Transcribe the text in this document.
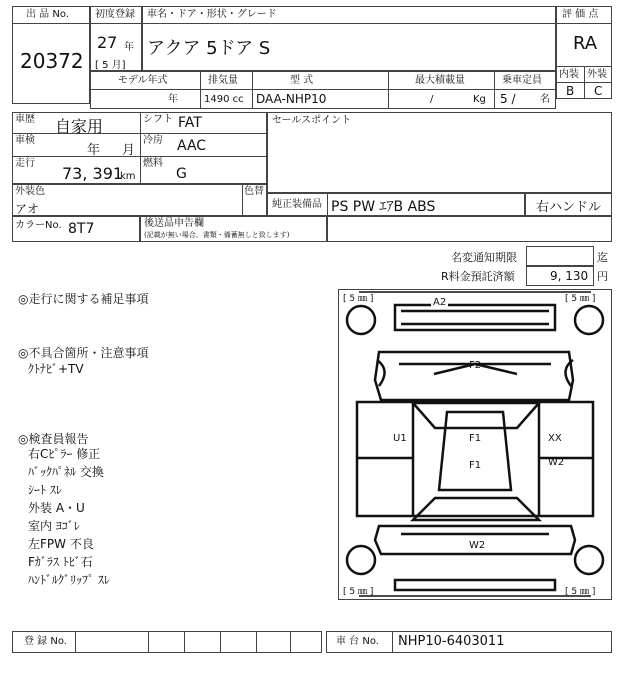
出 品 No.
20372
初度登録
27 年
[ 5 月]
車名・ドア・形状・グレード
アクア 5ドア S
評 価 点
RA
内装 外装
B C
モデル年式
年
排気量
1490 cc
型 式
DAA-NHP10
最大積載量
/	Kg
乗車定員
5 / 名
車歴 自家用	シフト FAT
車検
年 月
冷房 AAC
走行
73, 391
km
燃料
G
セールスポイント
外装色
アオ
色替
純正装備品 PS PW ｴｱB ABS	右ハンドル
カラーNo. 8T7	後送品申告欄
(記載が無い場合、書類・備蓄無しと致します)
名変通知期限	迄
R料金預託済額	9, 130 円
◎走行に関する補足事項
◎不具合箇所・注意事項
ｸﾄﾅﾋﾞ+TV
◎検査員報告
右Cﾋﾟﾗｰ 修正
ﾊﾞｯｸﾊﾟﾈﾙ 交換
ｼｰﾄ ｽﾚ
外装 A・U
室内 ﾖｺﾞﾚ
左FPW 不良
Fｶﾞﾗｽ ﾄﾋﾞ石
ﾊﾝﾄﾞﾙｸﾞﾘｯﾌﾟ ｽﾚ
[ 5 ㎜ ]	[ 5 ㎜ ]
[ 5 ㎜ ]	[ 5 ㎜ ]
A2
F2
U1	F1	XX
F1	W2
W2
登 録 No.	車 台 No. NHP10-6403011
